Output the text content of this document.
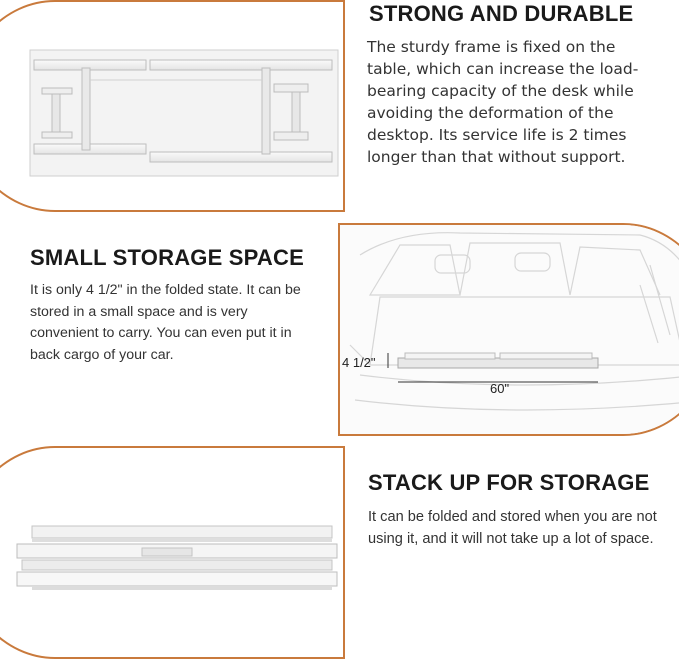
STRONG AND DURABLE

The sturdy frame is fixed on the table, which can increase the load-bearing capacity of the desk while avoiding the deformation of the desktop. Its service life is 2 times longer than that without support.

SMALL STORAGE SPACE

It is only 4 1/2" in the folded state. It can be stored in a small space and is very convenient to carry. You can even put it in back cargo of your car.	4 1/2"
60"
STACK UP FOR STORAGE

It can be folded and stored when you are not using it, and it will not take up a lot of space.
